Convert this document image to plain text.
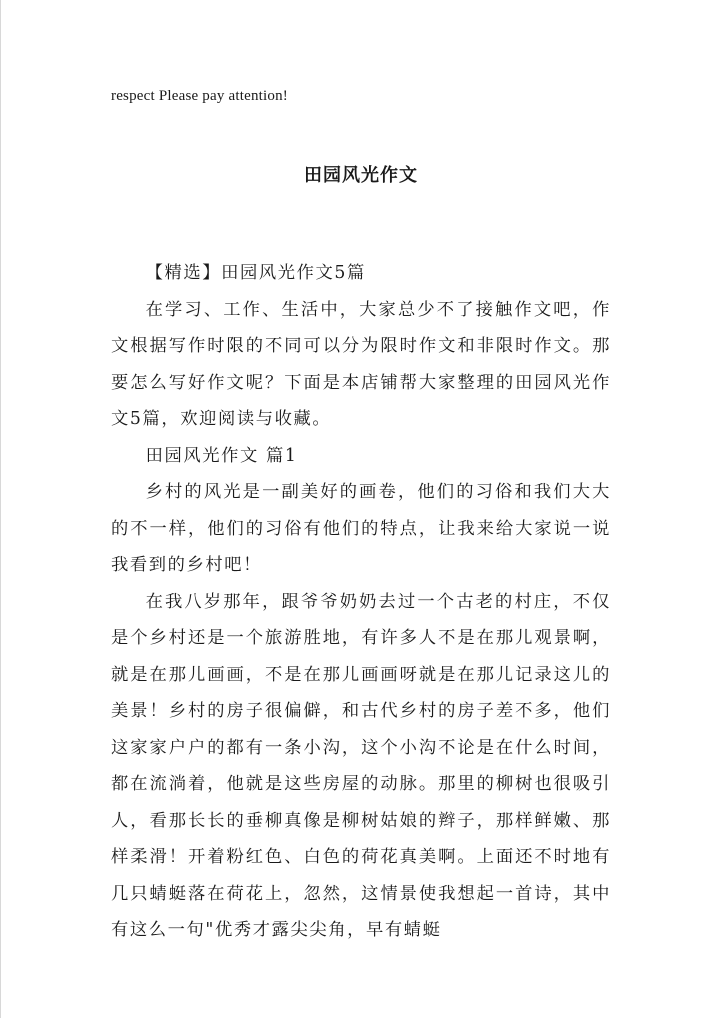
respect Please pay attention!
田园风光作文

【精选】田园风光作文5篇

在学习、工作、生活中，大家总少不了接触作文吧，作文根据写作时限的不同可以分为限时作文和非限时作文。那要怎么写好作文呢？下面是本店铺帮大家整理的田园风光作文5篇，欢迎阅读与收藏。

田园风光作文 篇1

乡村的风光是一副美好的画卷，他们的习俗和我们大大的不一样，他们的习俗有他们的特点，让我来给大家说一说我看到的乡村吧！

在我八岁那年，跟爷爷奶奶去过一个古老的村庄，不仅是个乡村还是一个旅游胜地，有许多人不是在那儿观景啊，就是在那儿画画，不是在那儿画画呀就是在那儿记录这儿的美景！乡村的房子很偏僻，和古代乡村的房子差不多，他们这家家户户的都有一条小沟，这个小沟不论是在什么时间，都在流淌着，他就是这些房屋的动脉。那里的柳树也很吸引人，看那长长的垂柳真像是柳树姑娘的辫子，那样鲜嫩、那样柔滑！开着粉红色、白色的荷花真美啊。上面还不时地有几只蜻蜓落在荷花上，忽然，这情景使我想起一首诗，其中有这么一句"优秀才露尖尖角，早有蜻蜓
